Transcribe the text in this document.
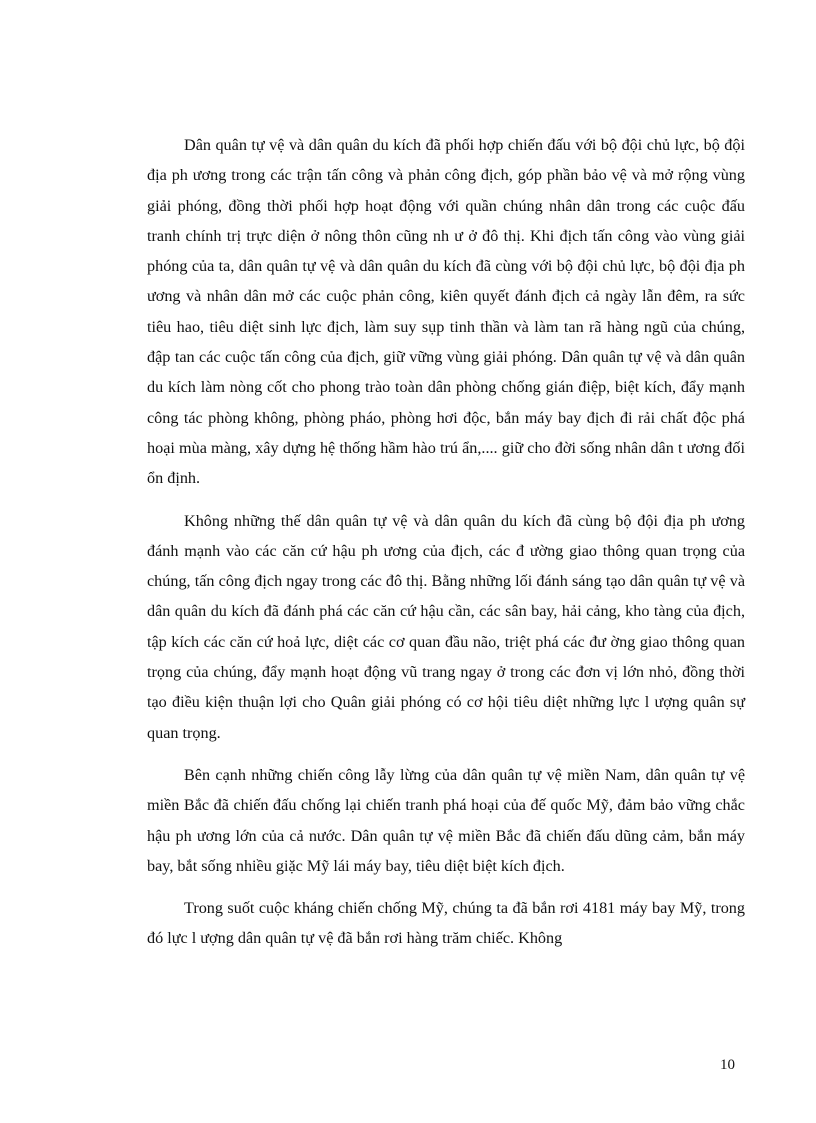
Dân quân tự vệ và dân quân du kích đã phối hợp chiến đấu với bộ đội chủ lực, bộ đội địa ph ương trong các trận tấn công và phản công địch, góp phần bảo vệ và mở rộng vùng giải phóng, đồng thời phối hợp hoạt động với quần chúng nhân dân trong các cuộc đấu tranh chính trị trực diện ở nông thôn cũng nh ư ở đô thị. Khi địch tấn công vào vùng giải phóng của ta, dân quân tự vệ và dân quân du kích đã cùng với bộ đội chủ lực, bộ đội địa ph ương và nhân dân mở các cuộc phản công, kiên quyết đánh địch cả ngày lẫn đêm, ra sức tiêu hao, tiêu diệt sinh lực địch, làm suy sụp tinh thần và làm tan rã hàng ngũ của chúng, đập tan các cuộc tấn công của địch, giữ vững vùng giải phóng. Dân quân tự vệ và dân quân du kích làm nòng cốt cho phong trào toàn dân phòng chống gián điệp, biệt kích, đẩy mạnh công tác phòng không, phòng pháo, phòng hơi độc, bắn máy bay địch đi rải chất độc phá hoại mùa màng, xây dựng hệ thống hầm hào trú ẩn,.... giữ cho đời sống nhân dân t ương đối ổn định.

Không những thế dân quân tự vệ và dân quân du kích đã cùng bộ đội địa ph ương đánh mạnh vào các căn cứ hậu ph ương của địch, các đ ường giao thông quan trọng của chúng, tấn công địch ngay trong các đô thị. Bằng những lối đánh sáng tạo dân quân tự vệ và dân quân du kích đã đánh phá các căn cứ hậu cần, các sân bay, hải cảng, kho tàng của địch, tập kích các căn cứ hoả lực, diệt các cơ quan đầu não, triệt phá các đư ờng giao thông quan trọng của chúng, đẩy mạnh hoạt động vũ trang ngay ở trong các đơn vị lớn nhỏ, đồng thời tạo điều kiện thuận lợi cho Quân giải phóng có cơ hội tiêu diệt những lực l ượng quân sự quan trọng.

Bên cạnh những chiến công lẫy lừng của dân quân tự vệ miền Nam, dân quân tự vệ miền Bắc đã chiến đấu chống lại chiến tranh phá hoại của đế quốc Mỹ, đảm bảo vững chắc hậu ph ương lớn của cả nước. Dân quân tự vệ miền Bắc đã chiến đấu dũng cảm, bắn máy bay, bắt sống nhiều giặc Mỹ lái máy bay, tiêu diệt biệt kích địch.

Trong suốt cuộc kháng chiến chống Mỹ, chúng ta đã bắn rơi 4181 máy bay Mỹ, trong đó lực l ượng dân quân tự vệ đã bắn rơi hàng trăm chiếc. Không

10
